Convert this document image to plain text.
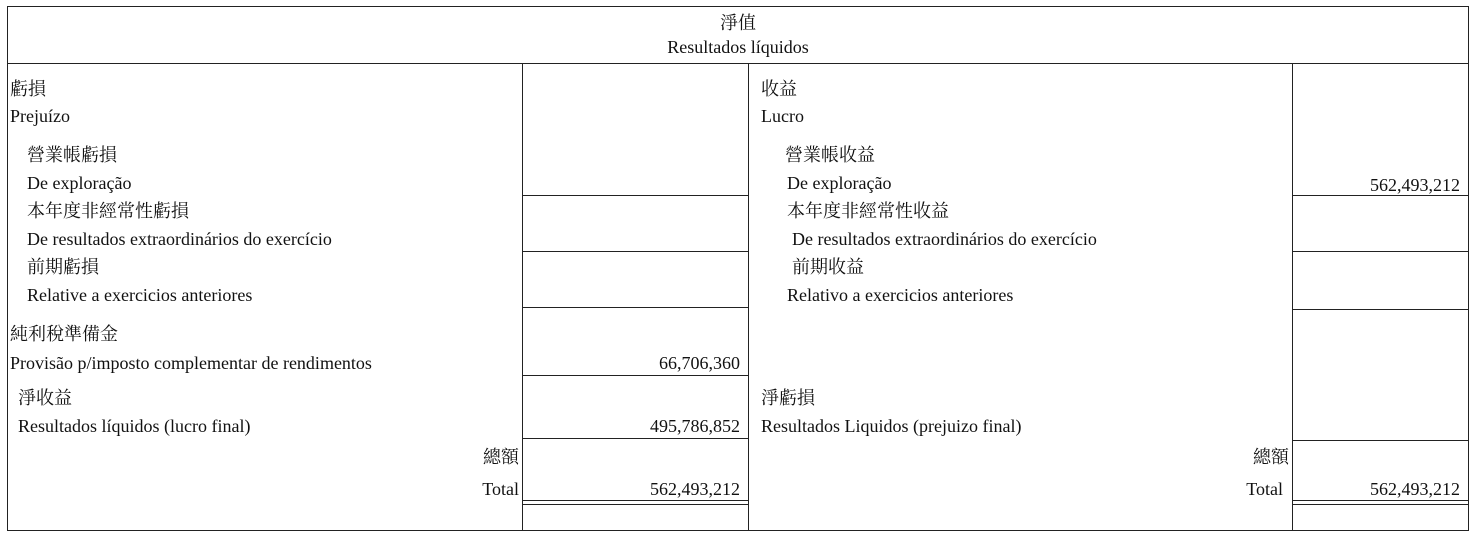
淨值
Resultados líquidos
虧損
Prejuízo
營業帳虧損
De exploração
本年度非經常性虧損
De resultados extraordinários do exercício
前期虧損
Relative a exercicios anteriores
純利稅準備金
Provisão p/imposto complementar de rendimentos	66,706,360
淨收益
Resultados líquidos (lucro final)	495,786,852
總額
Total	562,493,212
收益
Lucro
營業帳收益
De exploração	562,493,212
本年度非經常性收益
De resultados extraordinários do exercício
前期收益
Relativo a exercicios anteriores
淨虧損
Resultados Liquidos (prejuizo final)
總額
Total	562,493,212
